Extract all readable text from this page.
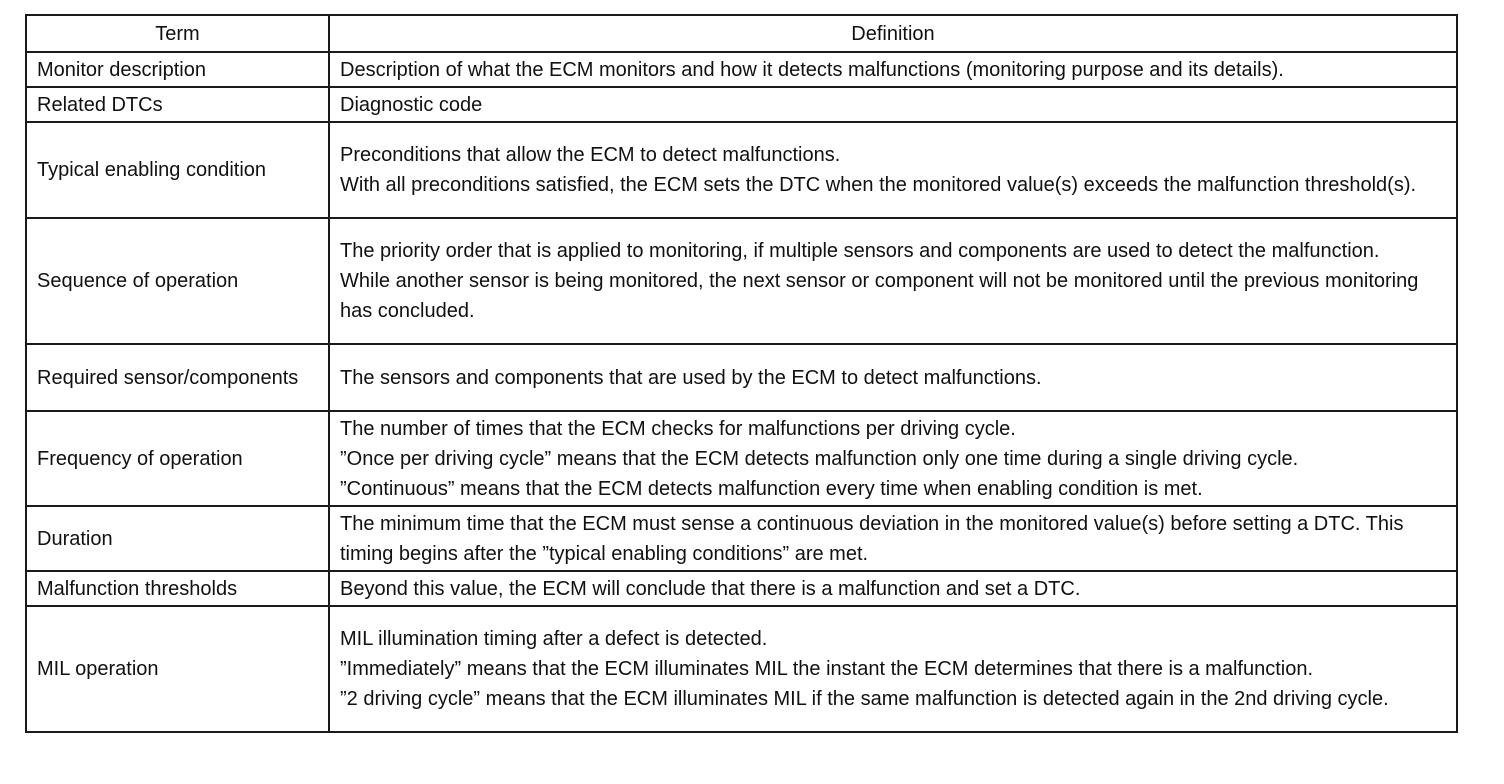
Term	Definition
Monitor description	Description of what the ECM monitors and how it detects malfunctions (monitoring purpose and its details).

Related DTCs	Diagnostic code

Typical enabling condition	Preconditions that allow the ECM to detect malfunctions.
With all preconditions satisfied, the ECM sets the DTC when the monitored value(s) exceeds the malfunction threshold(s).

Sequence of operation	The priority order that is applied to monitoring, if multiple sensors and components are used to detect the malfunction.
While another sensor is being monitored, the next sensor or component will not be monitored until the previous monitoring has concluded.

Required sensor/components	The sensors and components that are used by the ECM to detect malfunctions.

Frequency of operation	The number of times that the ECM checks for malfunctions per driving cycle.
”Once per driving cycle” means that the ECM detects malfunction only one time during a single driving cycle.
”Continuous” means that the ECM detects malfunction every time when enabling condition is met.

Duration	The minimum time that the ECM must sense a continuous deviation in the monitored value(s) before setting a DTC. This timing begins after the ”typical enabling conditions” are met.

Malfunction thresholds	Beyond this value, the ECM will conclude that there is a malfunction and set a DTC.

MIL operation	MIL illumination timing after a defect is detected.
”Immediately” means that the ECM illuminates MIL the instant the ECM determines that there is a malfunction.
”2 driving cycle” means that the ECM illuminates MIL if the same malfunction is detected again in the 2nd driving cycle.
